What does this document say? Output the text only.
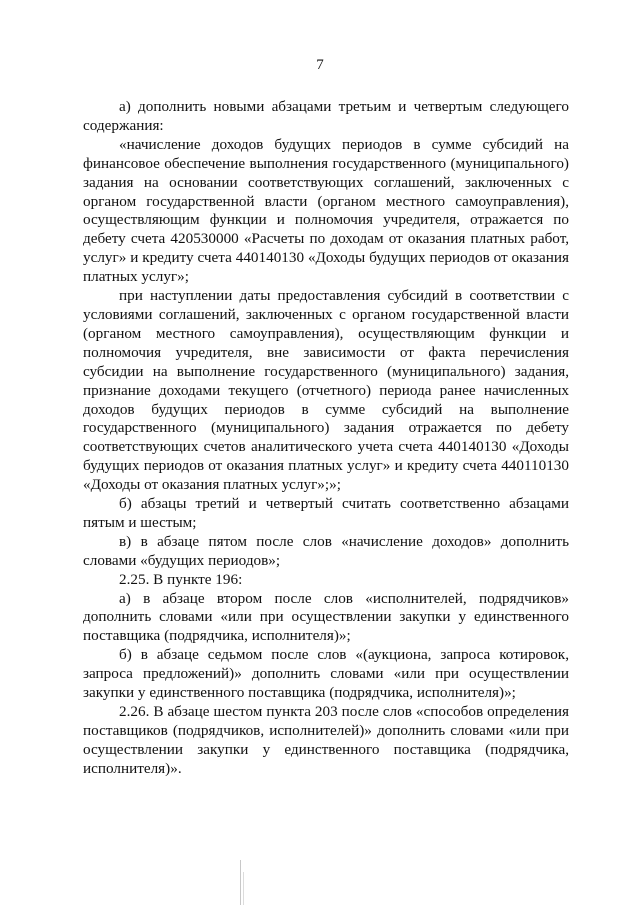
7

а) дополнить новыми абзацами третьим и четвертым следующего содержания:

«начисление доходов будущих периодов в сумме субсидий на финансовое обеспечение выполнения государственного (муниципального) задания на основании соответствующих соглашений, заключенных с органом государственной власти (органом местного самоуправления), осуществляющим функции и полномочия учредителя, отражается по дебету счета 420530000 «Расчеты по доходам от оказания платных работ, услуг» и кредиту счета 440140130 «Доходы будущих периодов от оказания платных услуг»;

при наступлении даты предоставления субсидий в соответствии с условиями соглашений, заключенных с органом государственной власти (органом местного самоуправления), осуществляющим функции и полномочия учредителя, вне зависимости от факта перечисления субсидии на выполнение государственного (муниципального) задания, признание доходами текущего (отчетного) периода ранее начисленных доходов будущих периодов в сумме субсидий на выполнение государственного (муниципального) задания отражается по дебету соответствующих счетов аналитического учета счета 440140130 «Доходы будущих периодов от оказания платных услуг» и кредиту счета 440110130 «Доходы от оказания платных услуг»;»;

б) абзацы третий и четвертый считать соответственно абзацами пятым и шестым;

в) в абзаце пятом после слов «начисление доходов» дополнить словами «будущих периодов»;

2.25. В пункте 196:

а) в абзаце втором после слов «исполнителей, подрядчиков» дополнить словами «или при осуществлении закупки у единственного поставщика (подрядчика, исполнителя)»;

б) в абзаце седьмом после слов «(аукциона, запроса котировок, запроса предложений)» дополнить словами «или при осуществлении закупки у единственного поставщика (подрядчика, исполнителя)»;

2.26. В абзаце шестом пункта 203 после слов «способов определения поставщиков (подрядчиков, исполнителей)» дополнить словами «или при осуществлении закупки у единственного поставщика (подрядчика, исполнителя)».
